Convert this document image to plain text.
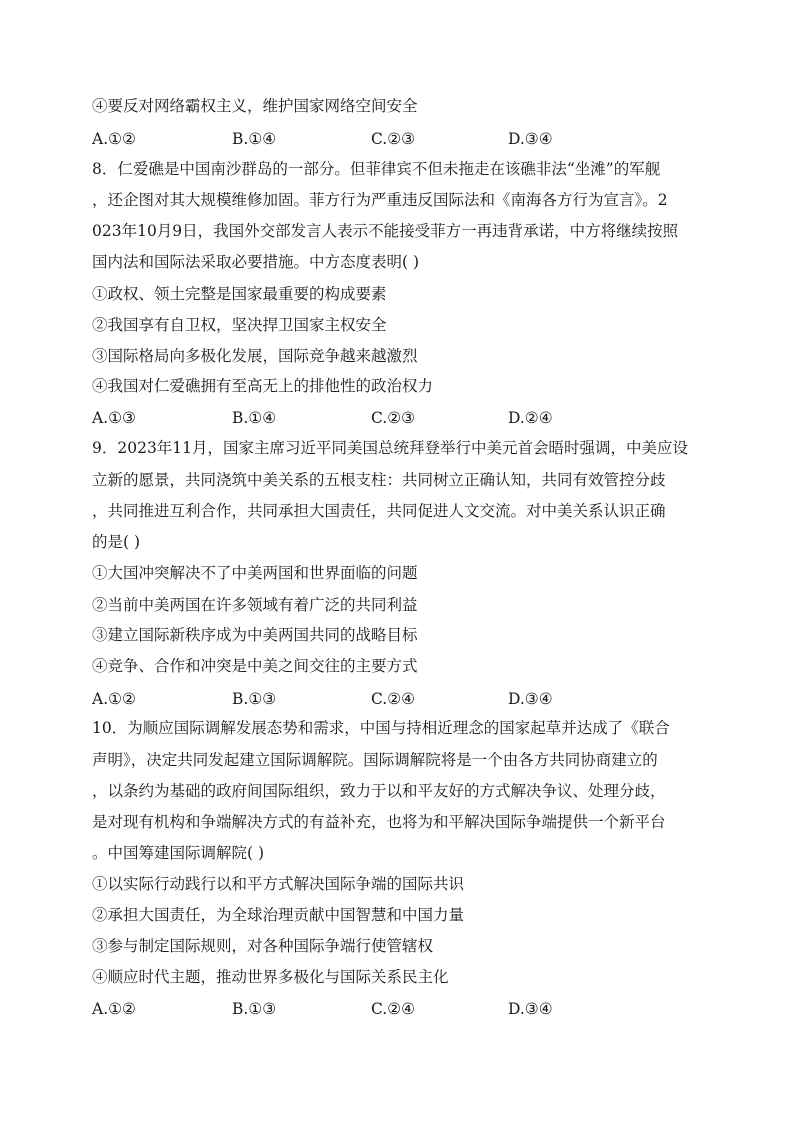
④要反对网络霸权主义，维护国家网络空间安全
A.①②	B.①④	C.②③	D.③④
8．仁爱礁是中国南沙群岛的一部分。但菲律宾不但未拖走在该礁非法“坐滩”的军舰
，还企图对其大规模维修加固。菲方行为严重违反国际法和《南海各方行为宣言》。2
023年10月9日，我国外交部发言人表示不能接受菲方一再违背承诺，中方将继续按照
国内法和国际法采取必要措施。中方态度表明( )
①政权、领土完整是国家最重要的构成要素
②我国享有自卫权，坚决捍卫国家主权安全
③国际格局向多极化发展，国际竞争越来越激烈
④我国对仁爱礁拥有至高无上的排他性的政治权力
A.①③	B.①④	C.②③	D.②④
9．2023年11月，国家主席习近平同美国总统拜登举行中美元首会晤时强调，中美应设
立新的愿景，共同浇筑中美关系的五根支柱：共同树立正确认知，共同有效管控分歧
，共同推进互利合作，共同承担大国责任，共同促进人文交流。对中美关系认识正确
的是( )
①大国冲突解决不了中美两国和世界面临的问题
②当前中美两国在许多领域有着广泛的共同利益
③建立国际新秩序成为中美两国共同的战略目标
④竞争、合作和冲突是中美之间交往的主要方式
A.①②	B.①③	C.②④	D.③④
10．为顺应国际调解发展态势和需求，中国与持相近理念的国家起草并达成了《联合
声明》，决定共同发起建立国际调解院。国际调解院将是一个由各方共同协商建立的
，以条约为基础的政府间国际组织，致力于以和平友好的方式解决争议、处理分歧，
是对现有机构和争端解决方式的有益补充，也将为和平解决国际争端提供一个新平台
。中国筹建国际调解院( )
①以实际行动践行以和平方式解决国际争端的国际共识
②承担大国责任，为全球治理贡献中国智慧和中国力量
③参与制定国际规则，对各种国际争端行使管辖权
④顺应时代主题，推动世界多极化与国际关系民主化
A.①②	B.①③	C.②④	D.③④
